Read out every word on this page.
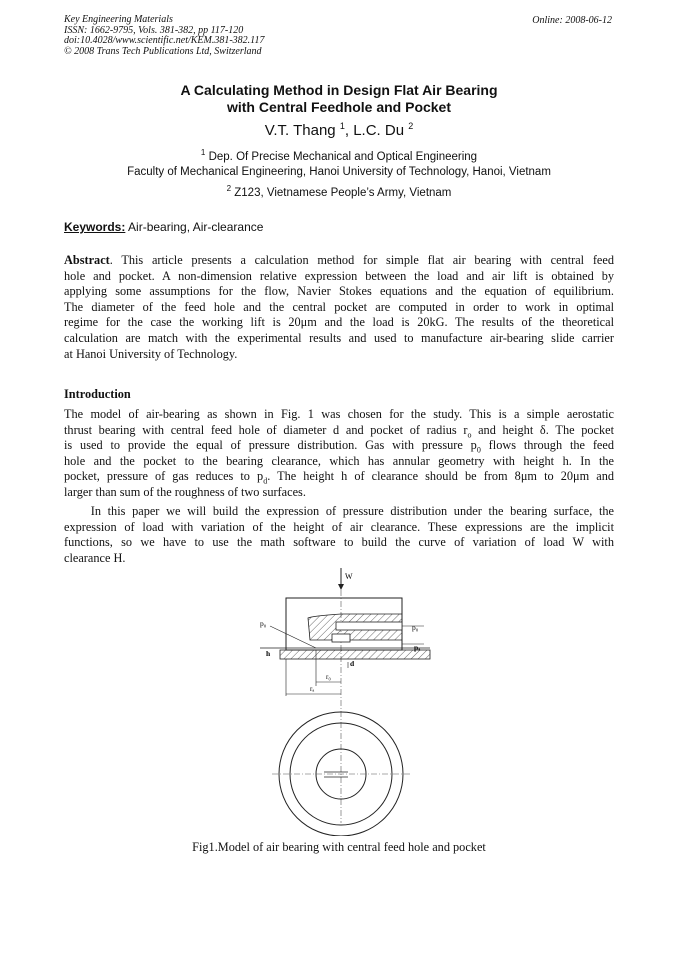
Key Engineering Materials
ISSN: 1662-9795, Vols. 381-382, pp 117-120
doi:10.4028/www.scientific.net/KEM.381-382.117
© 2008 Trans Tech Publications Ltd, Switzerland
Online: 2008-06-12
A Calculating Method in Design Flat Air Bearing
with Central Feedhole and Pocket
V.T. Thang $^1$, L.C. Du $^2$
$^1$ Dep. Of Precise Mechanical and Optical Engineering
Faculty of Mechanical Engineering, Hanoi University of Technology, Hanoi, Vietnam
$^2$ Z123, Vietnamese People’s Army, Vietnam
Keywords: Air-bearing, Air-clearance
Abstract. This article presents a calculation method for simple flat air bearing with central feed
hole and pocket. A non-dimension relative expression between the load and air lift is obtained by
applying some assumptions for the flow, Navier Stokes equations and the equation of equilibrium.
The diameter of the feed hole and the central pocket are computed in order to work in optimal
regime for the case the working lift is 20μm and the load is 20kG. The results of the theoretical
calculation are match with the experimental results and used to manufacture air-bearing slide carrier
at Hanoi University of Technology.
Introduction
The model of air-bearing as shown in Fig. 1 was chosen for the study. This is a simple aerostatic
thrust bearing with central feed hole of diameter d and pocket of radius $r_o$ and height δ. The pocket
is used to provide the equal of pressure distribution. Gas with pressure $p_0$ flows through the feed
hole and the pocket to the bearing clearance, which has annular geometry with height h. In the
pocket, pressure of gas reduces to $p_d$. The height h of clearance should be from 8μm to 20μm and
larger than sum of the roughness of two surfaces.
In this paper we will build the expression of pressure distribution under the bearing surface, the
expression of load with variation of the height of air clearance. These expressions are the implicit
functions, so we have to use the math software to build the curve of variation of load W with
clearance H.
W
p₀	p₀
pₐ
h
d
r₀
rₐ
Fig1.Model of air bearing with central feed hole and pocket
